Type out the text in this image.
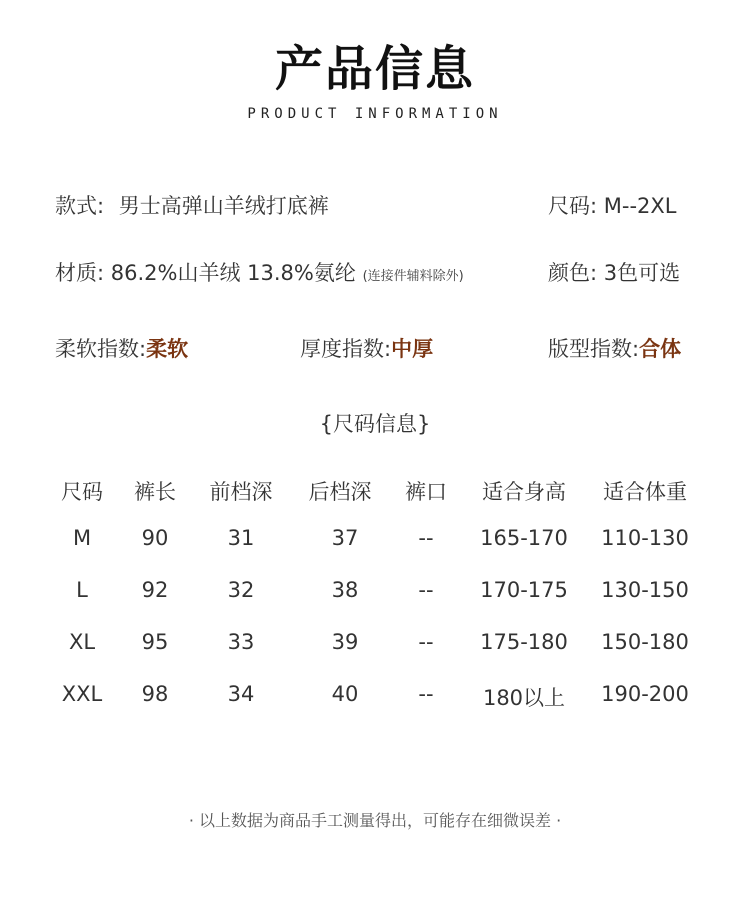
产品信息
PRODUCT INFORMATION
款式: 男士高弹山羊绒打底裤	尺码: M--2XL
材质: 86.2%山羊绒 13.8%氨纶 (连接件辅料除外)	颜色: 3色可选
柔软指数:柔软	厚度指数:中厚	版型指数:合体
{尺码信息}
尺码 裤长 前档深 后档深 裤口 适合身高 适合体重
M 90	31	37	-- 165-170 110-130
L	92	32	38	-- 170-175 130-150
XL 95	33	39	-- 175-180 150-180
XXL 98	34	40	-- 180以上 190-200
· 以上数据为商品手工测量得出，可能存在细微误差 ·
